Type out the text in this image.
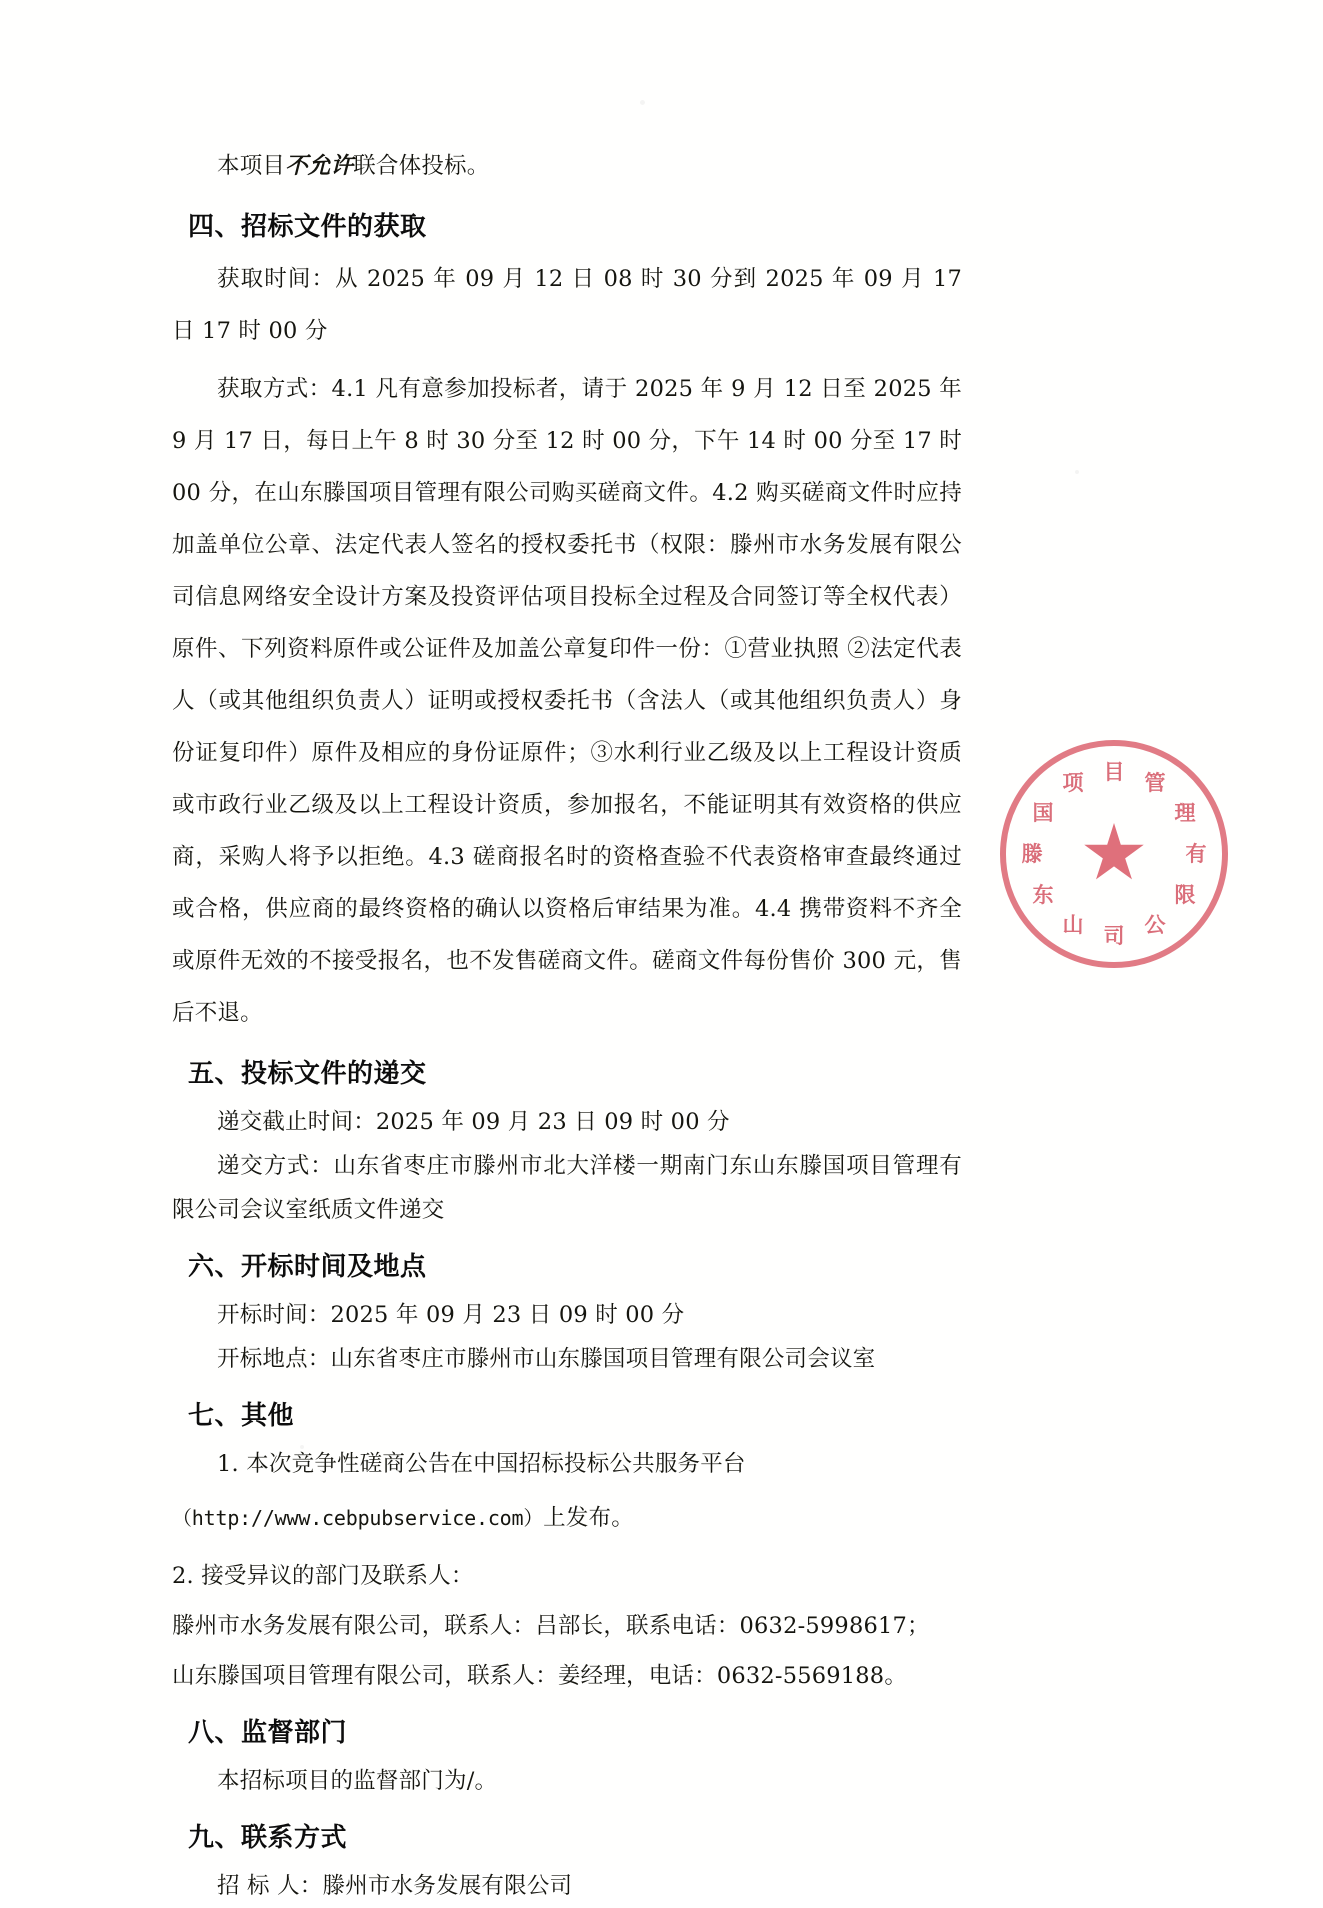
本项目不允许联合体投标。

四、招标文件的获取

获取时间：从 2025 年 09 月 12 日 08 时 30 分到 2025 年 09 月 17 日 17 时 00 分

获取方式：4.1 凡有意参加投标者，请于 2025 年 9 月 12 日至 2025 年 9 月 17 日，每日上午 8 时 30 分至 12 时 00 分，下午 14 时 00 分至 17 时 00 分，在山东滕国项目管理有限公司购买磋商文件。4.2 购买磋商文件时应持加盖单位公章、法定代表人签名的授权委托书（权限：滕州市水务发展有限公司信息网络安全设计方案及投资评估项目投标全过程及合同签订等全权代表）原件、下列资料原件或公证件及加盖公章复印件一份：①营业执照 ②法定代表人（或其他组织负责人）证明或授权委托书（含法人（或其他组织负责人）身份证复印件）原件及相应的身份证原件；③水利行业乙级及以上工程设计资质或市政行业乙级及以上工程设计资质，参加报名，不能证明其有效资格的供应商，采购人将予以拒绝。4.3 磋商报名时的资格查验不代表资格审查最终通过或合格，供应商的最终资格的确认以资格后审结果为准。4.4 携带资料不齐全或原件无效的不接受报名，也不发售磋商文件。磋商文件每份售价 300 元，售后不退。

五、投标文件的递交

递交截止时间：2025 年 09 月 23 日 09 时 00 分

递交方式：山东省枣庄市滕州市北大洋楼一期南门东山东滕国项目管理有限公司会议室纸质文件递交

六、开标时间及地点

开标时间：2025 年 09 月 23 日 09 时 00 分

开标地点：山东省枣庄市滕州市山东滕国项目管理有限公司会议室

七、其他

1. 本次竞争性磋商公告在中国招标投标公共服务平台

（http://www.cebpubservice.com）上发布。

2. 接受异议的部门及联系人：

滕州市水务发展有限公司，联系人：吕部长，联系电话：0632-5998617；

山东滕国项目管理有限公司，联系人：姜经理，电话：0632-5569188。

八、监督部门

本招标项目的监督部门为/。

九、联系方式

招 标 人：滕州市水务发展有限公司

山
东
滕
国
项 目 管
理
有
限
公
司
